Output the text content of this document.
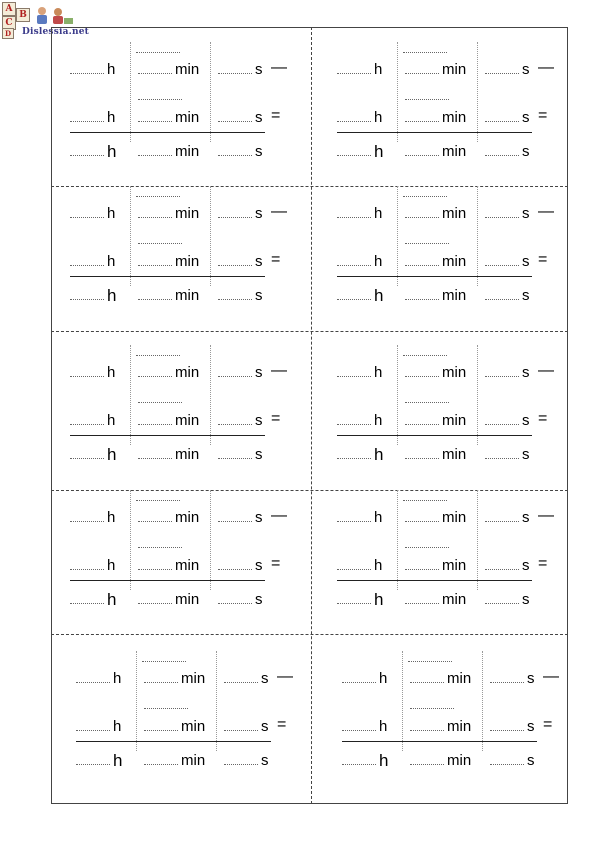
A
B
C
D	Dislessia.net
h	min	s —
h	min	s =
h	min	s
h	min	s —
h	min	s =
h	min	s
h	min	s —
h	min	s =
h	min	s
h	min	s —
h	min	s =
h	min	s
h	min	s —
h	min	s =
h	min	s
h	min	s —
h	min	s =
h	min	s
h	min	s —
h	min	s =
h	min	s
h	min	s —
h	min	s =
h	min	s
h	min	s —
h	min	s =
h	min	s
h	min	s —
h	min	s =
h	min	s
